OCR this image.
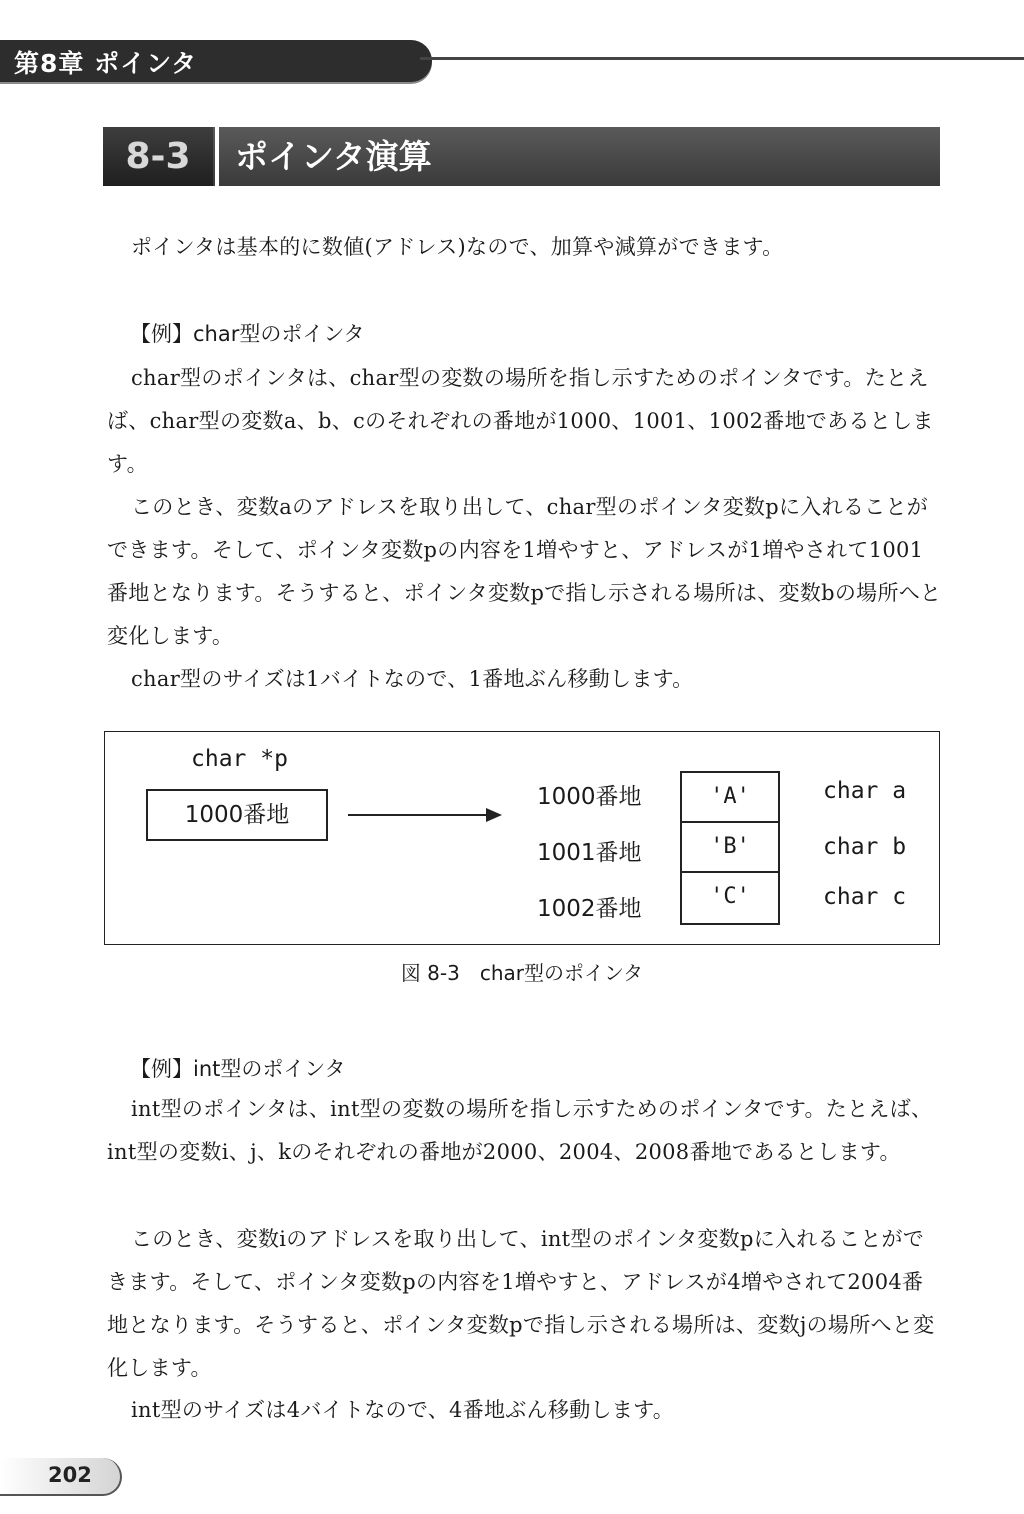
第8章 ポインタ
8-3	ポインタ演算

ポインタは基本的に数値(アドレス)なので、加算や減算ができます。

【例】char型のポインタ

char型のポインタは、char型の変数の場所を指し示すためのポインタです。たとえば、char型の変数a、b、cのそれぞれの番地が1000、1001、1002番地であるとします。

このとき、変数aのアドレスを取り出して、char型のポインタ変数pに入れることができます。そして、ポインタ変数pの内容を1増やすと、アドレスが1増やされて1001番地となります。そうすると、ポインタ変数pで指し示される場所は、変数bの場所へと変化します。

char型のサイズは1バイトなので、1番地ぶん移動します。

char *p
1000番地
1000番地
1001番地
1002番地
'A'
'B'
'C'
char a
char b
char c
図 8-3　char型のポインタ

【例】int型のポインタ

int型のポインタは、int型の変数の場所を指し示すためのポインタです。たとえば、int型の変数i、j、kのそれぞれの番地が2000、2004、2008番地であるとします。

このとき、変数iのアドレスを取り出して、int型のポインタ変数pに入れることができます。そして、ポインタ変数pの内容を1増やすと、アドレスが4増やされて2004番地となります。そうすると、ポインタ変数pで指し示される場所は、変数jの場所へと変化します。

int型のサイズは4バイトなので、4番地ぶん移動します。

202
